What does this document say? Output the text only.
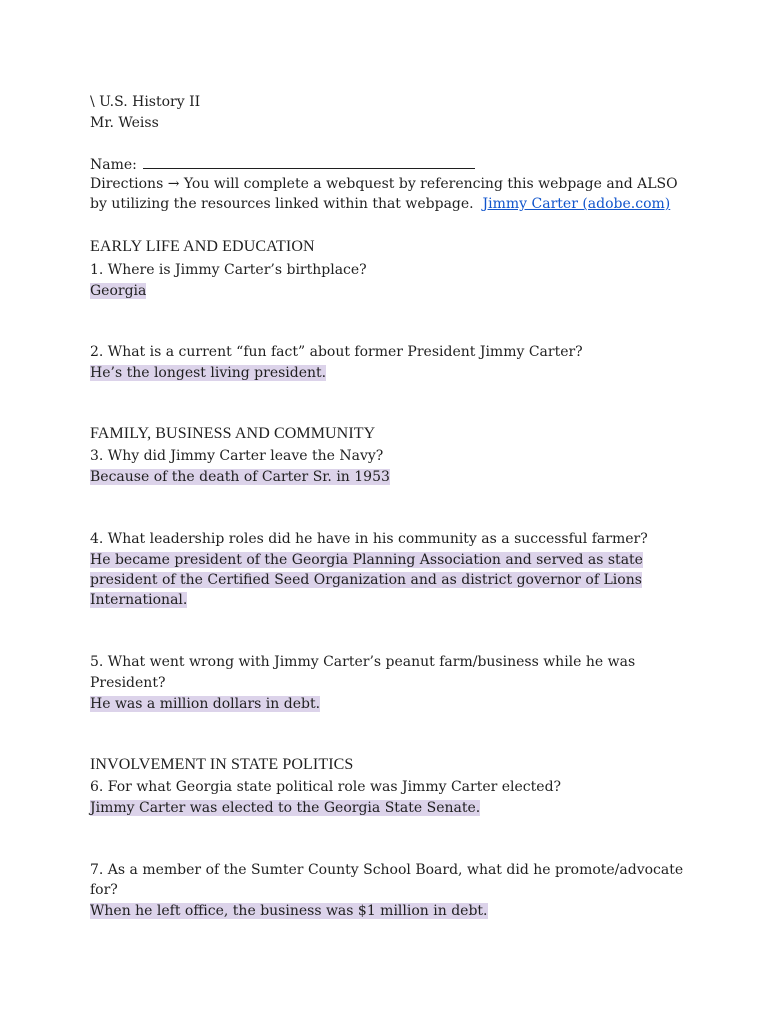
\ U.S. History II
Mr. Weiss
Name:
Directions → You will complete a webquest by referencing this webpage and ALSO by utilizing the resources linked within that webpage. Jimmy Carter (adobe.com)
EARLY LIFE AND EDUCATION
1. Where is Jimmy Carter’s birthplace?
Georgia
2. What is a current “fun fact” about former President Jimmy Carter?
He’s the longest living president.
FAMILY, BUSINESS AND COMMUNITY
3. Why did Jimmy Carter leave the Navy?
Because of the death of Carter Sr. in 1953
4. What leadership roles did he have in his community as a successful farmer?
He became president of the Georgia Planning Association and served as state
president of the Certified Seed Organization and as district governor of Lions
International.
5. What went wrong with Jimmy Carter’s peanut farm/business while he was
President?
He was a million dollars in debt.
INVOLVEMENT IN STATE POLITICS
6. For what Georgia state political role was Jimmy Carter elected?
Jimmy Carter was elected to the Georgia State Senate.
7. As a member of the Sumter County School Board, what did he promote/advocate
for?
When he left office, the business was $1 million in debt.
